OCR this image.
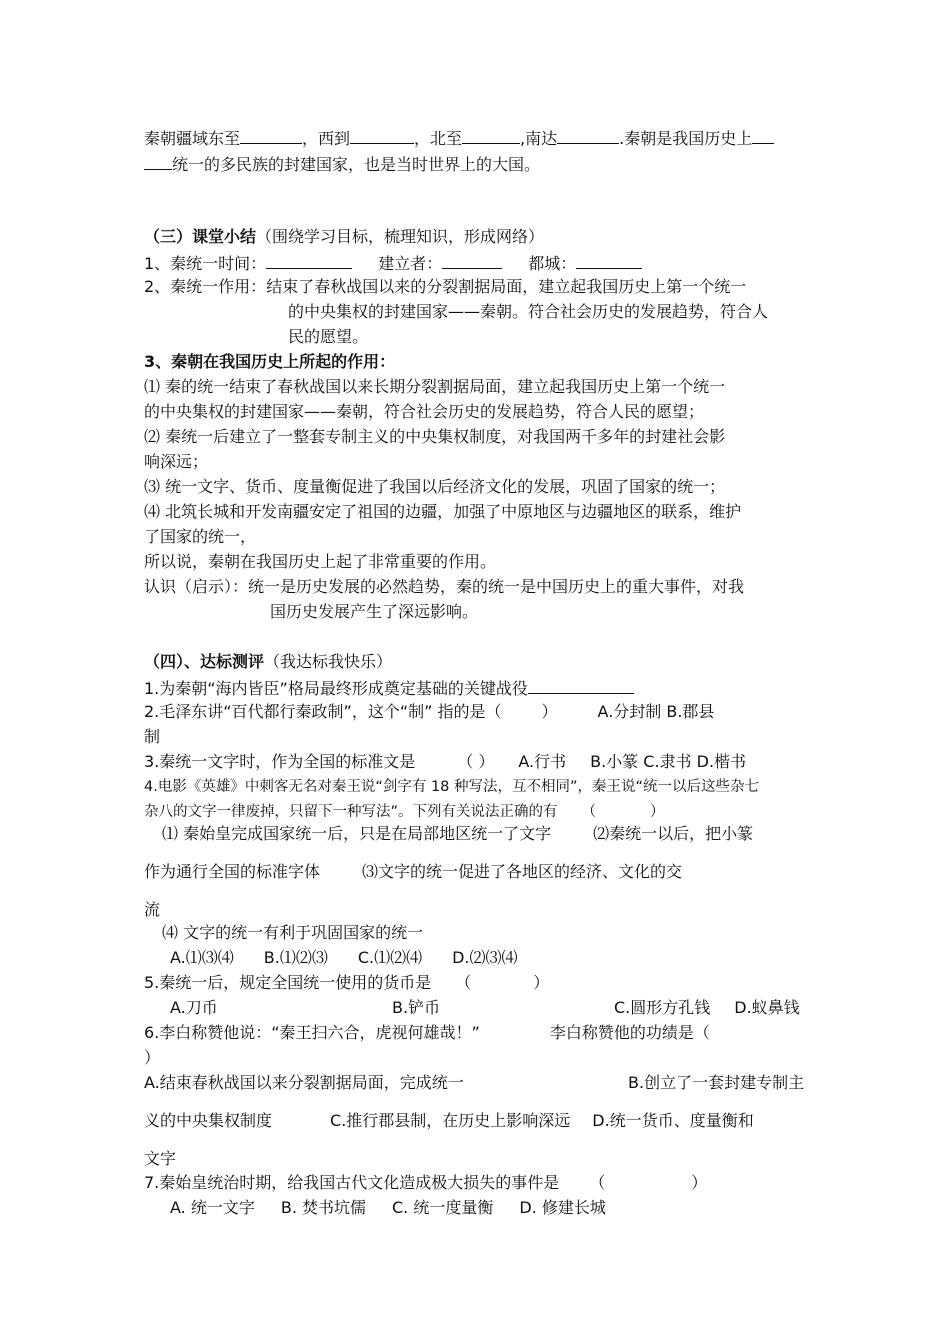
秦朝疆域东至	，西到	，北至	,南达	.秦朝是我国历史上
统一的多民族的封建国家，也是当时世界上的大国。
（三）课堂小结（围绕学习目标，梳理知识，形成网络）
1、秦统一时间：	建立者：	都城：
2、秦统一作用：结束了春秋战国以来的分裂割据局面，建立起我国历史上第一个统一
的中央集权的封建国家——秦朝。符合社会历史的发展趋势，符合人
民的愿望。
3、秦朝在我国历史上所起的作用：
⑴ 秦的统一结束了春秋战国以来长期分裂割据局面，建立起我国历史上第一个统一
的中央集权的封建国家——秦朝，符合社会历史的发展趋势，符合人民的愿望；
⑵ 秦统一后建立了一整套专制主义的中央集权制度，对我国两千多年的封建社会影
响深远；
⑶ 统一文字、货币、度量衡促进了我国以后经济文化的发展，巩固了国家的统一；
⑷ 北筑长城和开发南疆安定了祖国的边疆，加强了中原地区与边疆地区的联系，维护
了国家的统一，
所以说，秦朝在我国历史上起了非常重要的作用。
认识（启示）：统一是历史发展的必然趋势，秦的统一是中国历史上的重大事件，对我
国历史发展产生了深远影响。
（四）、达标测评（我达标我快乐）
1.为秦朝“海内皆臣”格局最终形成奠定基础的关键战役
2.毛泽东讲“百代都行秦政制”，这个“制” 指的是（	）	A.分封制 B.郡县
制
3.秦统一文字时，作为全国的标准文是	（ ） A.行书 B.小篆 C.隶书 D.楷书
4.电影《英雄》中刺客无名对秦王说“剑字有 18 种写法，互不相同”，秦王说“统一以后这些杂七
杂八的文字一律废掉，只留下一种写法”。下列有关说法正确的有 （	）
⑴ 秦始皇完成国家统一后，只是在局部地区统一了文字	⑵秦统一以后，把小篆
作为通行全国的标准字体	⑶文字的统一促进了各地区的经济、文化的交
流
⑷ 文字的统一有利于巩固国家的统一
A.⑴⑶⑷ B.⑴⑵⑶ C.⑴⑵⑷ D.⑵⑶⑷
5.秦统一后，规定全国统一使用的货币是 （	）
A.刀币	B.铲币	C.圆形方孔钱 D.蚁鼻钱
6.李白称赞他说：“秦王扫六合，虎视何雄哉！”	李白称赞他的功绩是（
）
A.结束春秋战国以来分裂割据局面，完成统一	B.创立了一套封建专制主
义的中央集权制度	C.推行郡县制，在历史上影响深远 D.统一货币、度量衡和
文字
7.秦始皇统治时期，给我国古代文化造成极大损失的事件是 （	）
A. 统一文字 B. 焚书坑儒 C. 统一度量衡 D. 修建长城
